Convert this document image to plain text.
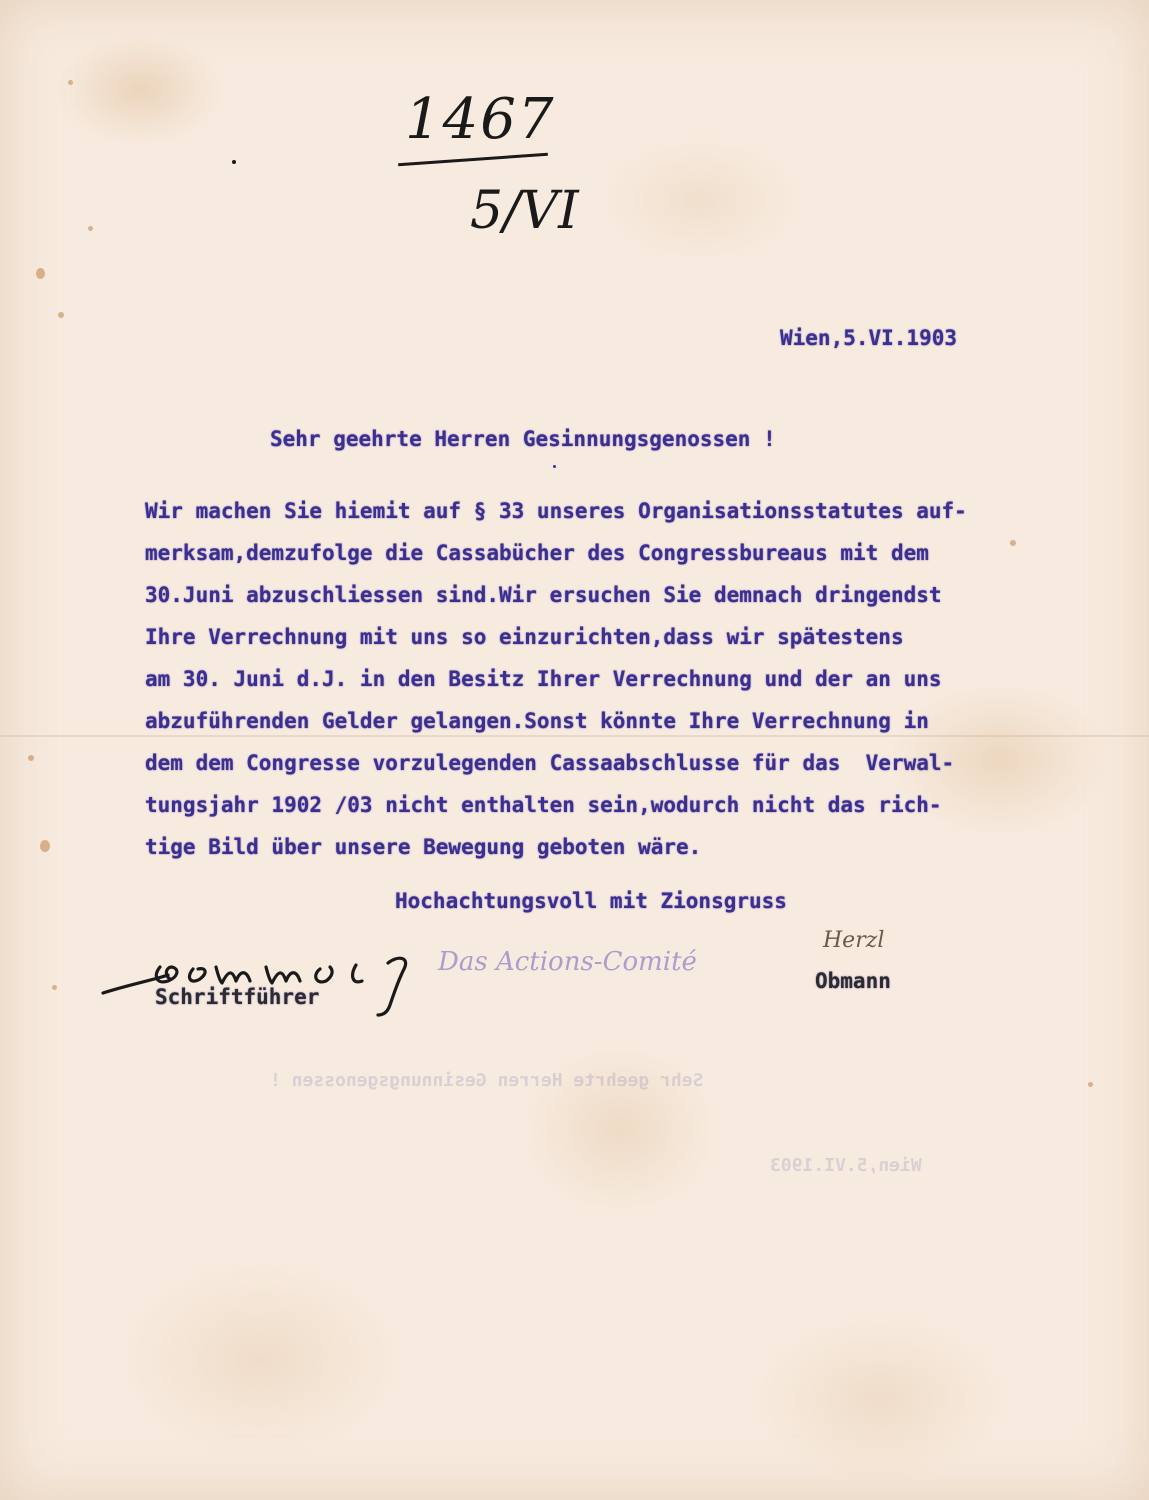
1467
5/VI
Wien,5.VI.1903
Sehr geehrte Herren Gesinnungsgenossen !
Wir machen Sie hiemit auf § 33 unseres Organisationsstatutes auf-
merksam,demzufolge die Cassabücher des Congressbureaus mit dem
30.Juni abzuschliessen sind.Wir ersuchen Sie demnach dringendst
Ihre Verrechnung mit uns so einzurichten,dass wir spätestens
am 30. Juni d.J. in den Besitz Ihrer Verrechnung und der an uns
abzuführenden Gelder gelangen.Sonst könnte Ihre Verrechnung in
dem dem Congresse vorzulegenden Cassaabschlusse für das  Verwal-
tungsjahr 1902 /03 nicht enthalten sein,wodurch nicht das rich-
tige Bild über unsere Bewegung geboten wäre.
Hochachtungsvoll mit Zionsgruss
Das Actions-Comité
Herzl
Schriftführer
Obmann
Wien,5.VI.1903
Sehr geehrte Herren Gesinnungsgenossen !
